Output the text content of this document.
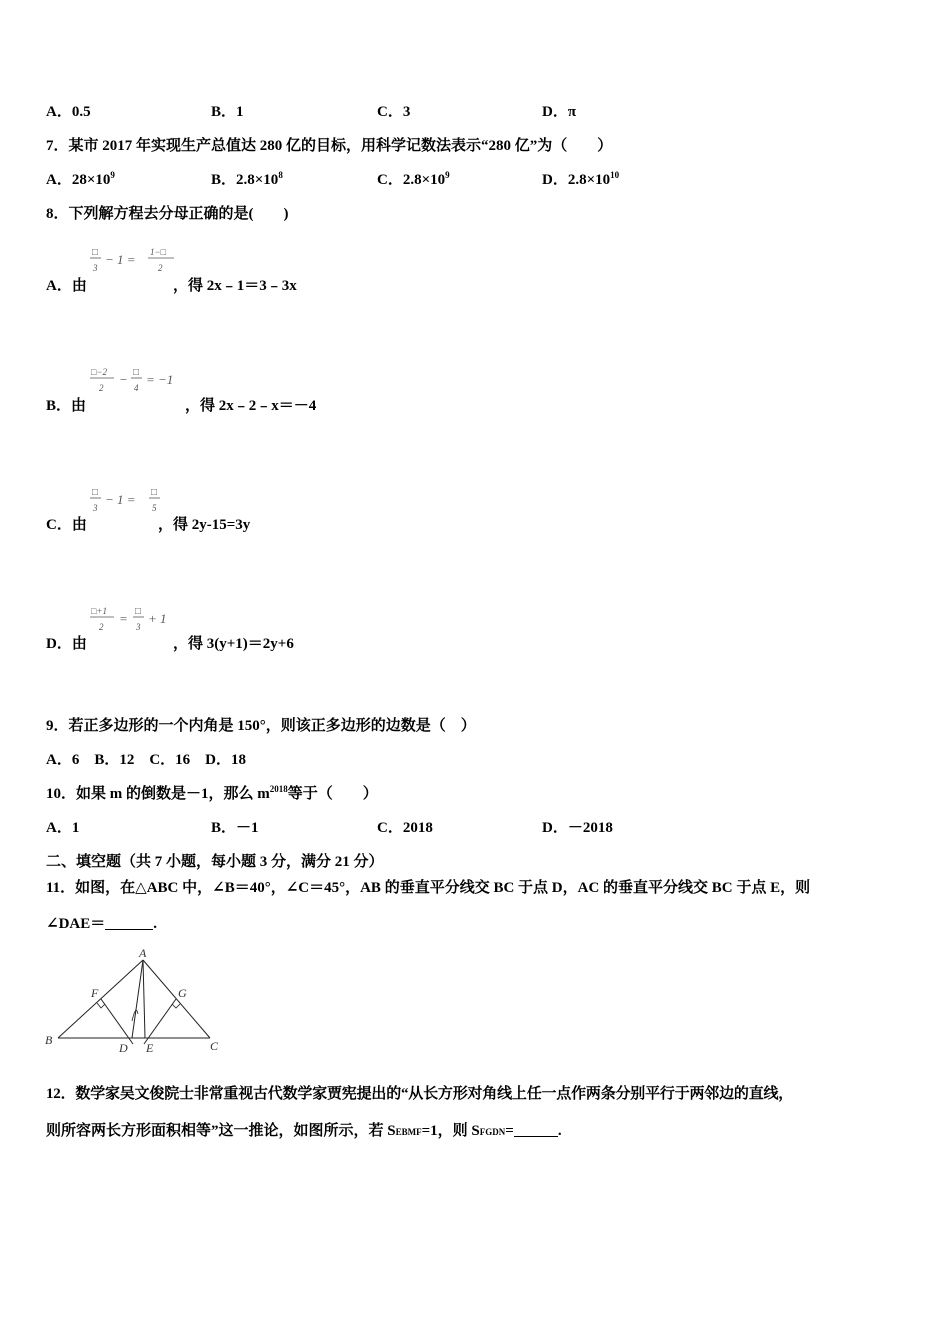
A．0.5	B．1	C．3	D．π
7．某市 2017 年实现生产总值达 280 亿的目标，用科学记数法表示“280 亿”为（　　）
A．$28\times 10^9$	B．$2.8\times 10^8$	C．$2.8\times 10^9$	D．$2.8\times 10^{10}$
8．下列解方程去分母正确的是(　　)
□
3
− 1 = 1−□
2
A．由	，得 2x﹣1＝3﹣3x
□−2
2
− □
4
= −1
B．由	，得 2x﹣2﹣x＝－4
□
3
− 1 = □
5
C．由	，得 2y-15=3y
□+1
2
= □
3
+ 1
D．由	，得 3(y+1)＝2y+6
9．若正多边形的一个内角是 150°，则该正多边形的边数是（　）
A．6　B．12　C．16　D．18
10．如果 m 的倒数是－1，那么 $m^{2018}$等于（　　）
A．1	B．－1	C．2018	D．－2018
二、填空题（共 7 小题，每小题 3 分，满分 21 分）
11．如图，在△ABC 中，∠B＝40°，∠C＝45°，AB 的垂直平分线交 BC 于点 D，AC 的垂直平分线交 BC 于点 E，则
∠DAE＝	.
A
B	C
D E
F	G
12．数学家吴文俊院士非常重视古代数学家贾宪提出的“从长方形对角线上任一点作两条分别平行于两邻边的直线，
则所容两长方形面积相等”这一推论，如图所示，若 SEBMF=1，则 SFGDN=	.
